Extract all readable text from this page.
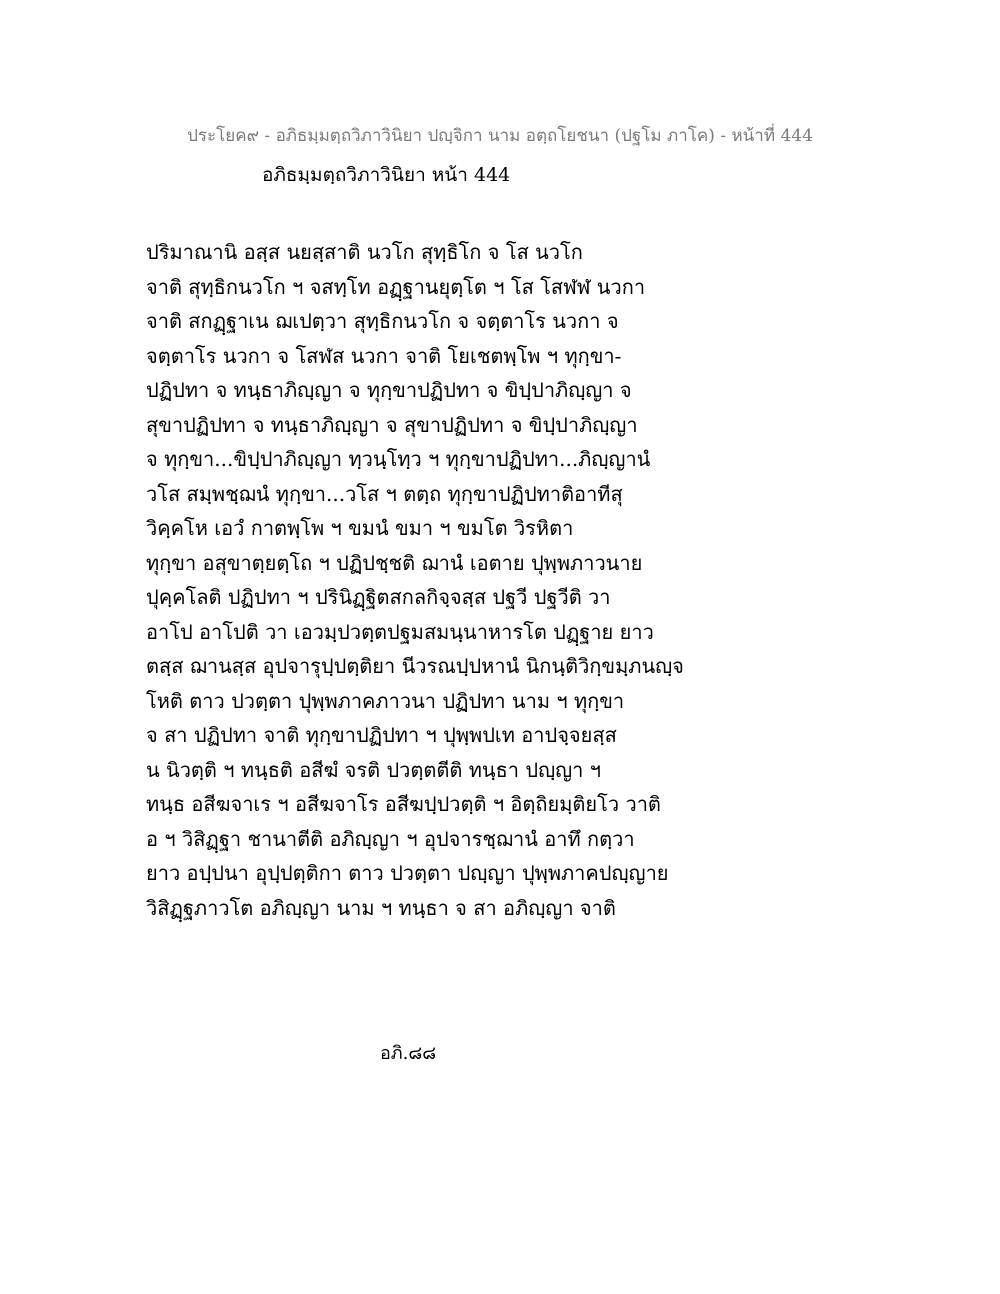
ประโยค๙ - อภิธมฺมตฺถวิภาวินิยา ปญฺจิกา นาม อตฺถโยชนา (ปฐโม ภาโค) - หน้าที่ 444
อภิธมฺมตฺถวิภาวินิยา หน้า 444
ปริมาณานิ อสฺส นยสฺสาติ นวโก สุทฺธิโก จ โส นวโก
จาติ สุทฺธิกนวโก ฯ จสทฺโท อฏฺฐานยุตฺโต ฯ โส โสฬฬ นวกา
จาติ สกฏฺฐาเน ฌเปตฺวา สุทฺธิกนวโก จ จตฺตาโร นวกา จ
จตฺตาโร นวกา จ โสฬส นวกา จาติ โยเชตพฺโพ ฯ ทุกฺขา-
ปฏิปทา จ ทนฺธาภิญฺญา จ ทุกฺขาปฏิปทา จ ขิปฺปาภิญฺญา จ
สุขาปฏิปทา จ ทนฺธาภิญฺญา จ สุขาปฏิปทา จ ขิปฺปาภิญฺญา
จ ทุกฺขา...ขิปฺปาภิญฺญา ทฺวนฺโทฺว ฯ ทุกฺขาปฏิปทา...ภิญฺญานํ
วโส สมฺพชฺฌนํ ทุกฺขา...วโส ฯ ตตฺถ ทุกฺขาปฏิปทาติอาทีสุ
วิคฺคโห เอวํ กาตพฺโพ ฯ ขมนํ ขมา ฯ ขมโต วิรหิตา
ทุกฺขา อสุขาตฺยตฺโถ ฯ ปฏิปชฺชติ ฌานํ เอตาย ปุพฺพภาวนาย
ปุคฺคโลติ ปฏิปทา ฯ ปรินิฏฺฐิตสกลกิจฺจสฺส ปฐวี ปฐวีติ วา
อาโป อาโปติ วา เอวมฺปวตฺตปฐมสมนฺนาหารโต ปฏฺฐาย ยาว
ตสฺส ฌานสฺส อุปจารุปฺปตฺติยา นีวรณปฺปหานํ นิกนฺติวิกฺขมฺภนญฺจ
โหติ ตาว ปวตฺตา ปุพฺพภาคภาวนา ปฏิปทา นาม ฯ ทุกฺขา
จ สา ปฏิปทา จาติ ทุกฺขาปฏิปทา ฯ ปุพฺพปเท อาปจฺจยสฺส
น นิวตฺติ ฯ ทนฺธติ อสีฆํ จรติ ปวตฺตตีติ ทนฺธา ปญฺญา ฯ
ทนฺธ อสีฆจาเร ฯ อสีฆจาโร อสีฆปฺปวตฺติ ฯ อิตฺถิยมฺติยโว วาติ
อ ฯ วิสิฏฺฐา ชานาตีติ อภิญฺญา ฯ อุปจารชฺฌานํ อาทึ กตฺวา
ยาว อปฺปนา อุปฺปตฺติกา ตาว ปวตฺตา ปญฺญา ปุพฺพภาคปญฺญาย
วิสิฏฺฐภาวโต อภิญฺญา นาม ฯ ทนฺธา จ สา อภิญฺญา จาติ
อภิ.๘๘
